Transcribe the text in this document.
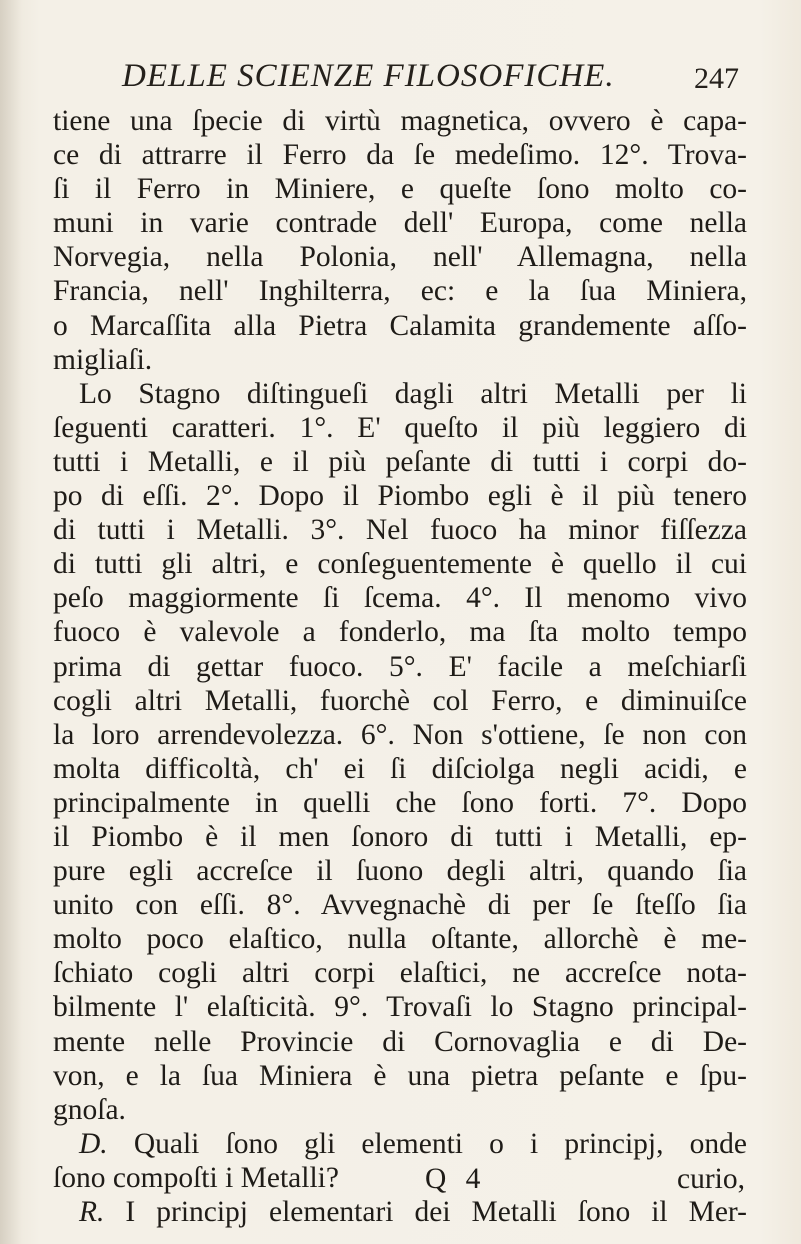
DELLE SCIENZE FILOSOFICHE.	247
tiene una ſpecie di virtù magnetica, ovvero è capa-
ce di attrarre il Ferro da ſe medeſimo. 12°. Trova-
ſi il Ferro in Miniere, e queſte ſono molto co-
muni in varie contrade dell' Europa, come nella
Norvegia, nella Polonia, nell' Allemagna, nella
Francia, nell' Inghilterra, ec: e la ſua Miniera,
o Marcaſſita alla Pietra Calamita grandemente aſſo-
migliaſi.
Lo Stagno diſtingueſi dagli altri Metalli per li
ſeguenti caratteri. 1°. E' queſto il più leggiero di
tutti i Metalli, e il più peſante di tutti i corpi do-
po di eſſi. 2°. Dopo il Piombo egli è il più tenero
di tutti i Metalli. 3°. Nel fuoco ha minor fiſſezza
di tutti gli altri, e conſeguentemente è quello il cui
peſo maggiormente ſi ſcema. 4°. Il menomo vivo
fuoco è valevole a fonderlo, ma ſta molto tempo
prima di gettar fuoco. 5°. E' facile a meſchiarſi
cogli altri Metalli, fuorchè col Ferro, e diminuiſce
la loro arrendevolezza. 6°. Non s'ottiene, ſe non con
molta difficoltà, ch' ei ſi diſciolga negli acidi, e
principalmente in quelli che ſono forti. 7°. Dopo
il Piombo è il men ſonoro di tutti i Metalli, ep-
pure egli accreſce il ſuono degli altri, quando ſia
unito con eſſi. 8°. Avvegnachè di per ſe ſteſſo ſia
molto poco elaſtico, nulla oſtante, allorchè è me-
ſchiato cogli altri corpi elaſtici, ne accreſce nota-
bilmente l' elaſticità. 9°. Trovaſi lo Stagno principal-
mente nelle Provincie di Cornovaglia e di De-
von, e la ſua Miniera è una pietra peſante e ſpu-
gnoſa.
D. Quali ſono gli elementi o i principj, onde
ſono compoſti i Metalli?
R. I principj elementari dei Metalli ſono il Mer-
Q 4	curio,
